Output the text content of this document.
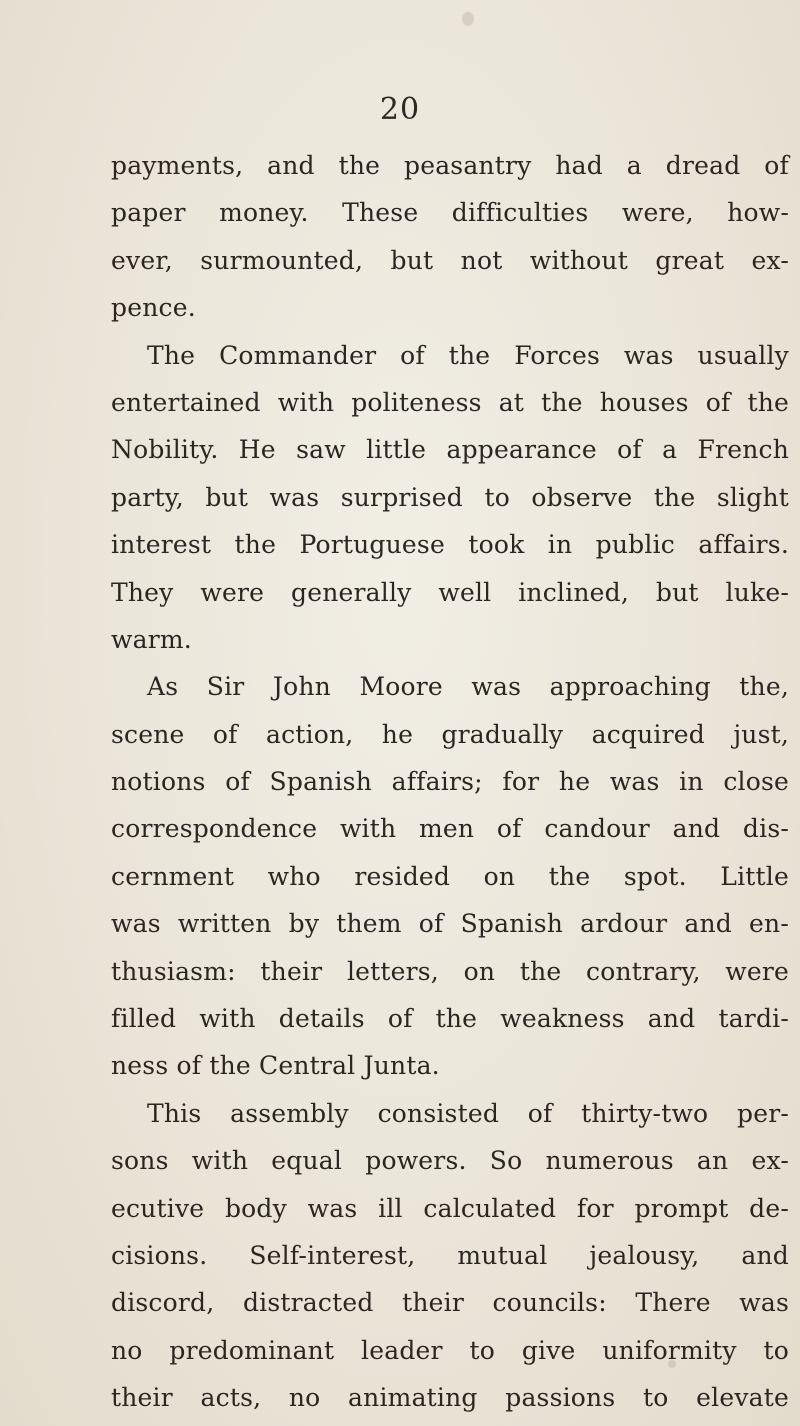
20
payments, and the peasantry had a dread of
paper money. These difficulties were, how-
ever, surmounted, but not without great ex-
pence.
The Commander of the Forces was usually
entertained with politeness at the houses of the
Nobility. He saw little appearance of a French
party, but was surprised to observe the slight
interest the Portuguese took in public affairs.
They were generally well inclined, but luke-
warm.
As Sir John Moore was approaching the,
scene of action, he gradually acquired just,
notions of Spanish affairs; for he was in close
correspondence with men of candour and dis-
cernment who resided on the spot. Little
was written by them of Spanish ardour and en-
thusiasm: their letters, on the contrary, were
filled with details of the weakness and tardi-
ness of the Central Junta.
This assembly consisted of thirty-two per-
sons with equal powers. So numerous an ex-
ecutive body was ill calculated for prompt de-
cisions. Self-interest, mutual jealousy, and
discord, distracted their councils: There was
no predominant leader to give uniformity to
their acts, no animating passions to elevate
